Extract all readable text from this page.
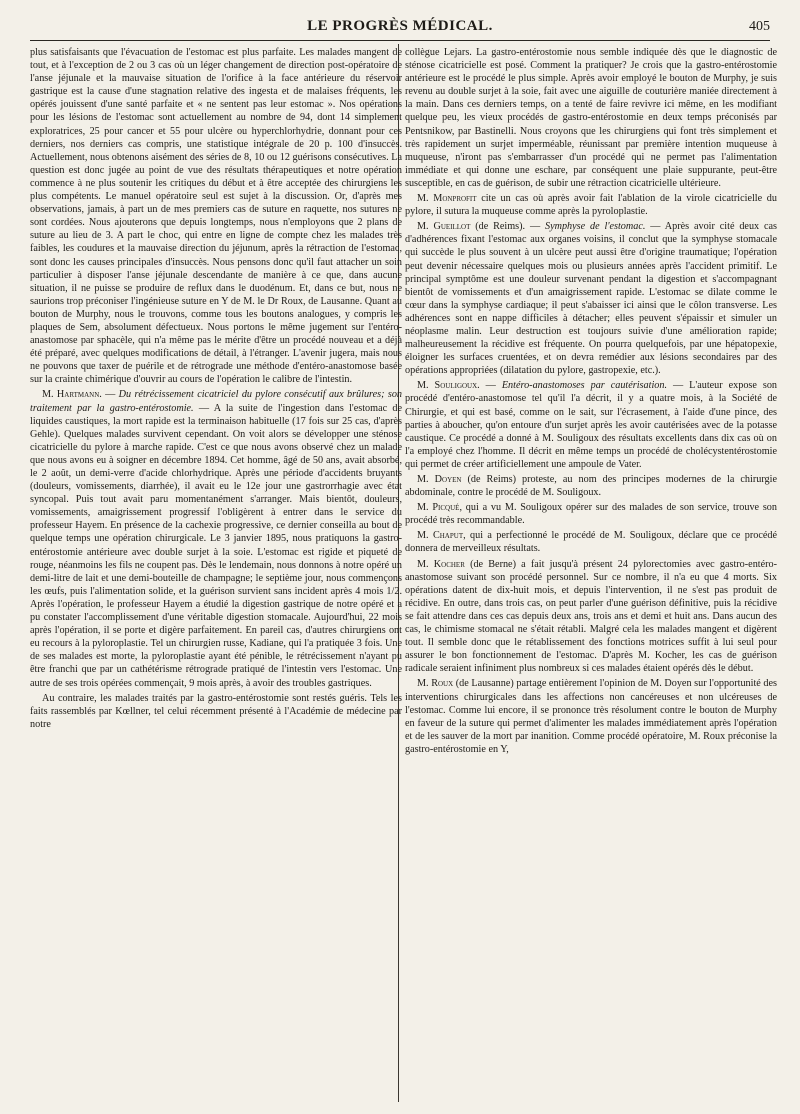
LE PROGRÈS MÉDICAL.	405

plus satisfaisants que l'évacuation de l'estomac est plus parfaite. Les malades mangent de tout, et à l'exception de 2 ou 3 cas où un léger changement de direction post-opératoire de l'anse jéjunale et la mauvaise situation de l'orifice à la face antérieure du réservoir gastrique est la cause d'une stagnation relative des ingesta et de malaises fréquents, les opérés jouissent d'une santé parfaite et « ne sentent pas leur estomac ». Nos opérations pour les lésions de l'estomac sont actuellement au nombre de 94, dont 14 simplement exploratrices, 25 pour cancer et 55 pour ulcère ou hyperchlorhydrie, donnant pour ces derniers, nos derniers cas compris, une statistique intégrale de 20 p. 100 d'insuccès. Actuellement, nous obtenons aisément des séries de 8, 10 ou 12 guérisons consécutives. La question est donc jugée au point de vue des résultats thérapeutiques et notre opération commence à ne plus soutenir les critiques du début et à être acceptée des chirurgiens les plus compétents. Le manuel opératoire seul est sujet à la discussion. Or, d'après mes observations, jamais, à part un de mes premiers cas de suture en raquette, nos sutures ne sont cordées. Nous ajouterons que depuis longtemps, nous n'employons que 2 plans de suture au lieu de 3. A part le choc, qui entre en ligne de compte chez les malades très faibles, les coudures et la mauvaise direction du jéjunum, après la rétraction de l'estomac, sont donc les causes principales d'insuccès. Nous pensons donc qu'il faut attacher un soin particulier à disposer l'anse jéjunale descendante de manière à ce que, dans aucune situation, il ne puisse se produire de reflux dans le duodénum. Et, dans ce but, nous ne saurions trop préconiser l'ingénieuse suture en Y de M. le Dr Roux, de Lausanne. Quant au bouton de Murphy, nous le trouvons, comme tous les boutons analogues, y compris les plaques de Sem, absolument défectueux. Nous portons le même jugement sur l'entéro-anastomose par sphacèle, qui n'a même pas le mérite d'être un procédé nouveau et a déjà été préparé, avec quelques modifications de détail, à l'étranger. L'avenir jugera, mais nous ne pouvons que taxer de puérile et de rétrograde une méthode d'entéro-anastomose basée sur la crainte chimérique d'ouvrir au cours de l'opération le calibre de l'intestin.

M. Hartmann. — Du rétrécissement cicatriciel du pylore consécutif aux brûlures; son traitement par la gastro-entérostomie. — A la suite de l'ingestion dans l'estomac de liquides caustiques, la mort rapide est la terminaison habituelle (17 fois sur 25 cas, d'après Gehle). Quelques malades survivent cependant. On voit alors se développer une sténose cicatricielle du pylore à marche rapide. C'est ce que nous avons observé chez un malade que nous avons eu à soigner en décembre 1894. Cet homme, âgé de 50 ans, avait absorbé, le 2 août, un demi-verre d'acide chlorhydrique. Après une période d'accidents bruyants (douleurs, vomissements, diarrhée), il avait eu le 12e jour une gastrorrhagie avec état syncopal. Puis tout avait paru momentanément s'arranger. Mais bientôt, douleurs, vomissements, amaigrissement progressif l'obligèrent à entrer dans le service du professeur Hayem. En présence de la cachexie progressive, ce dernier conseilla au bout de quelque temps une opération chirurgicale. Le 3 janvier 1895, nous pratiquons la gastro-entérostomie antérieure avec double surjet à la soie. L'estomac est rigide et piqueté de rouge, néanmoins les fils ne coupent pas. Dès le lendemain, nous donnons à notre opéré un demi-litre de lait et une demi-bouteille de champagne; le septième jour, nous commençons les œufs, puis l'alimentation solide, et la guérison survient sans incident après 4 mois 1/2. Après l'opération, le professeur Hayem a étudié la digestion gastrique de notre opéré et a pu constater l'accomplissement d'une véritable digestion stomacale. Aujourd'hui, 22 mois après l'opération, il se porte et digère parfaitement. En pareil cas, d'autres chirurgiens ont eu recours à la pyloroplastie. Tel un chirurgien russe, Kadiane, qui l'a pratiquée 3 fois. Une de ses malades est morte, la pyloroplastie ayant été pénible, le rétrécissement n'ayant pu être franchi que par un cathétérisme rétrograde pratiqué de l'intestin vers l'estomac. Une autre de ses trois opérées commençait, 9 mois après, à avoir des troubles gastriques.

Au contraire, les malades traités par la gastro-entérostomie sont restés guéris. Tels les faits rassemblés par Kœllner, tel celui récemment présenté à l'Académie de médecine par notre

collègue Lejars. La gastro-entérostomie nous semble indiquée dès que le diagnostic de sténose cicatricielle est posé. Comment la pratiquer? Je crois que la gastro-entérostomie antérieure est le procédé le plus simple. Après avoir employé le bouton de Murphy, je suis revenu au double surjet à la soie, fait avec une aiguille de couturière maniée directement à la main. Dans ces derniers temps, on a tenté de faire revivre ici même, en les modifiant quelque peu, les vieux procédés de gastro-entérostomie en deux temps préconisés par Pentsnikow, par Bastinelli. Nous croyons que les chirurgiens qui font très simplement et très rapidement un surjet imperméable, réunissant par première intention muqueuse à muqueuse, n'iront pas s'embarrasser d'un procédé qui ne permet pas l'alimentation immédiate et qui donne une eschare, par conséquent une plaie suppurante, peut-être susceptible, en cas de guérison, de subir une rétraction cicatricielle ultérieure.

M. Monprofit cite un cas où après avoir fait l'ablation de la virole cicatricielle du pylore, il sutura la muqueuse comme après la pyroloplastie.

M. Gueillot (de Reims). — Symphyse de l'estomac. — Après avoir cité deux cas d'adhérences fixant l'estomac aux organes voisins, il conclut que la symphyse stomacale qui succède le plus souvent à un ulcère peut aussi être d'origine traumatique; l'opération peut devenir nécessaire quelques mois ou plusieurs années après l'accident primitif. Le principal symptôme est une douleur survenant pendant la digestion et s'accompagnant bientôt de vomissements et d'un amaigrissement rapide. L'estomac se dilate comme le cœur dans la symphyse cardiaque; il peut s'abaisser ici ainsi que le côlon transverse. Les adhérences sont en nappe difficiles à détacher; elles peuvent s'épaissir et simuler un néoplasme malin. Leur destruction est toujours suivie d'une amélioration rapide; malheureusement la récidive est fréquente. On pourra quelquefois, par une hépatopexie, éloigner les surfaces cruentées, et on devra remédier aux lésions secondaires par des opérations appropriées (dilatation du pylore, gastropexie, etc.).

M. Souligoux. — Entéro-anastomoses par cautérisation. — L'auteur expose son procédé d'entéro-anastomose tel qu'il l'a décrit, il y a quatre mois, à la Société de Chirurgie, et qui est basé, comme on le sait, sur l'écrasement, à l'aide d'une pince, des parties à aboucher, qu'on entoure d'un surjet après les avoir cautérisées avec de la potasse caustique. Ce procédé a donné à M. Souligoux des résultats excellents dans dix cas où on l'a employé chez l'homme. Il décrit en même temps un procédé de cholécystentérostomie qui permet de créer artificiellement une ampoule de Vater.

M. Doyen (de Reims) proteste, au nom des principes modernes de la chirurgie abdominale, contre le procédé de M. Souligoux.

M. Picqué, qui a vu M. Souligoux opérer sur des malades de son service, trouve son procédé très recommandable.

M. Chaput, qui a perfectionné le procédé de M. Souligoux, déclare que ce procédé donnera de merveilleux résultats.

M. Kocher (de Berne) a fait jusqu'à présent 24 pylorectomies avec gastro-entéro-anastomose suivant son procédé personnel. Sur ce nombre, il n'a eu que 4 morts. Six opérations datent de dix-huit mois, et depuis l'intervention, il ne s'est pas produit de récidive. En outre, dans trois cas, on peut parler d'une guérison définitive, puis la récidive se fait attendre dans ces cas depuis deux ans, trois ans et demi et huit ans. Dans aucun des cas, le chimisme stomacal ne s'était rétabli. Malgré cela les malades mangent et digèrent tout. Il semble donc que le rétablissement des fonctions motrices suffit à lui seul pour assurer le bon fonctionnement de l'estomac. D'après M. Kocher, les cas de guérison radicale seraient infiniment plus nombreux si ces malades étaient opérés dès le début.

M. Roux (de Lausanne) partage entièrement l'opinion de M. Doyen sur l'opportunité des interventions chirurgicales dans les affections non cancéreuses et non ulcéreuses de l'estomac. Comme lui encore, il se prononce très résolument contre le bouton de Murphy en faveur de la suture qui permet d'alimenter les malades immédiatement après l'opération et de les sauver de la mort par inanition. Comme procédé opératoire, M. Roux préconise la gastro-entérostomie en Y,
